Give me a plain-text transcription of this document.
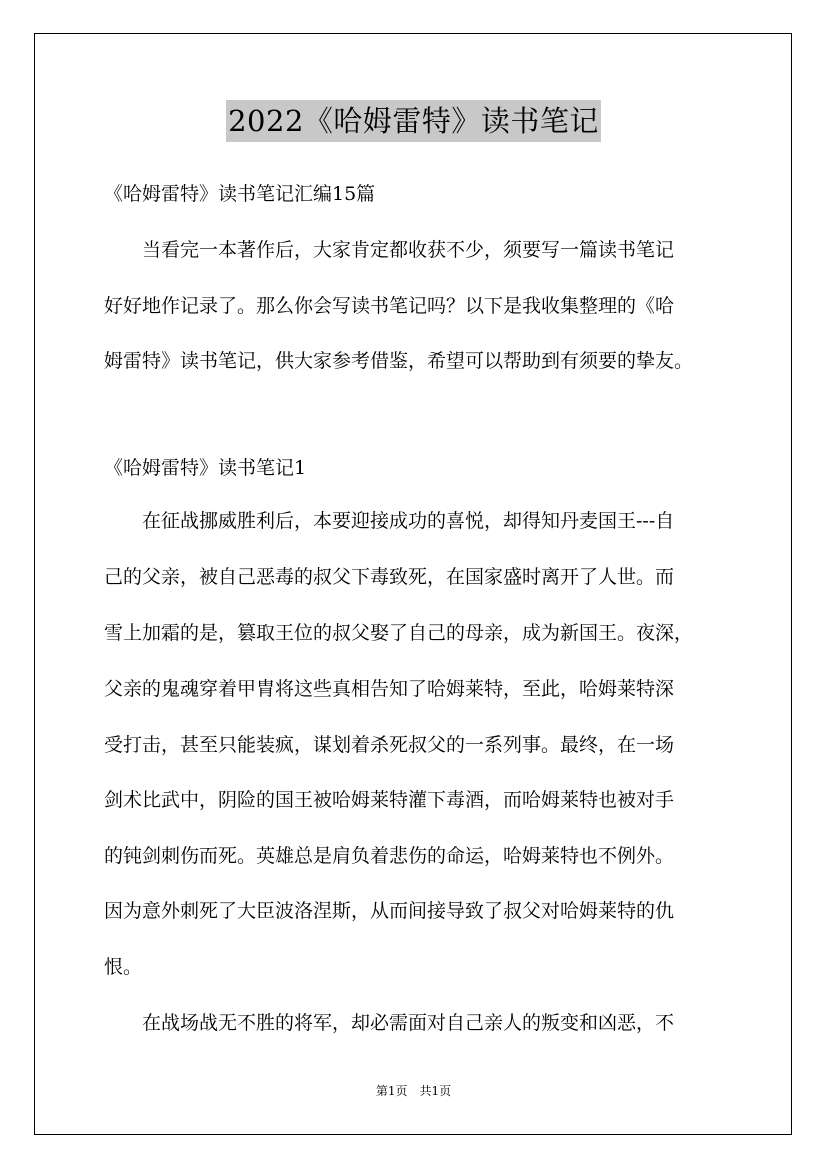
2022《哈姆雷特》读书笔记
《哈姆雷特》读书笔记汇编15篇
　　当看完一本著作后，大家肯定都收获不少，须要写一篇读书笔记
好好地作记录了。那么你会写读书笔记吗？以下是我收集整理的《哈
姆雷特》读书笔记，供大家参考借鉴，希望可以帮助到有须要的挚友。
《哈姆雷特》读书笔记1
　　在征战挪威胜利后，本要迎接成功的喜悦，却得知丹麦国王---自
己的父亲，被自己恶毒的叔父下毒致死，在国家盛时离开了人世。而
雪上加霜的是，篡取王位的叔父娶了自己的母亲，成为新国王。夜深，
父亲的鬼魂穿着甲胄将这些真相告知了哈姆莱特，至此，哈姆莱特深
受打击，甚至只能装疯，谋划着杀死叔父的一系列事。最终，在一场
剑术比武中，阴险的国王被哈姆莱特灌下毒酒，而哈姆莱特也被对手
的钝剑刺伤而死。英雄总是肩负着悲伤的命运，哈姆莱特也不例外。
因为意外刺死了大臣波洛涅斯，从而间接导致了叔父对哈姆莱特的仇
恨。
　　在战场战无不胜的将军，却必需面对自己亲人的叛变和凶恶，不
第1页　共1页
